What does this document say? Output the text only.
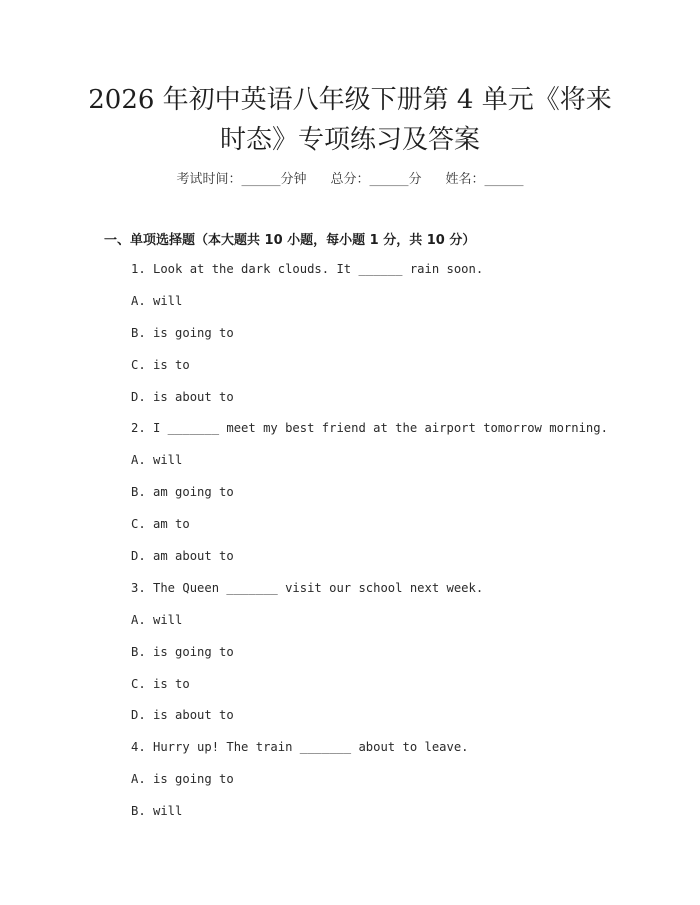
2026 年初中英语八年级下册第 4 单元《将来
时态》专项练习及答案
考试时间：______分钟 总分：______分 姓名：______
一、单项选择题（本大题共 10 小题，每小题 1 分，共 10 分）
1. Look at the dark clouds. It ______ rain soon.
A. will
B. is going to
C. is to
D. is about to
2. I _______ meet my best friend at the airport tomorrow morning.
A. will
B. am going to
C. am to
D. am about to
3. The Queen _______ visit our school next week.
A. will
B. is going to
C. is to
D. is about to
4. Hurry up! The train _______ about to leave.
A. is going to
B. will
